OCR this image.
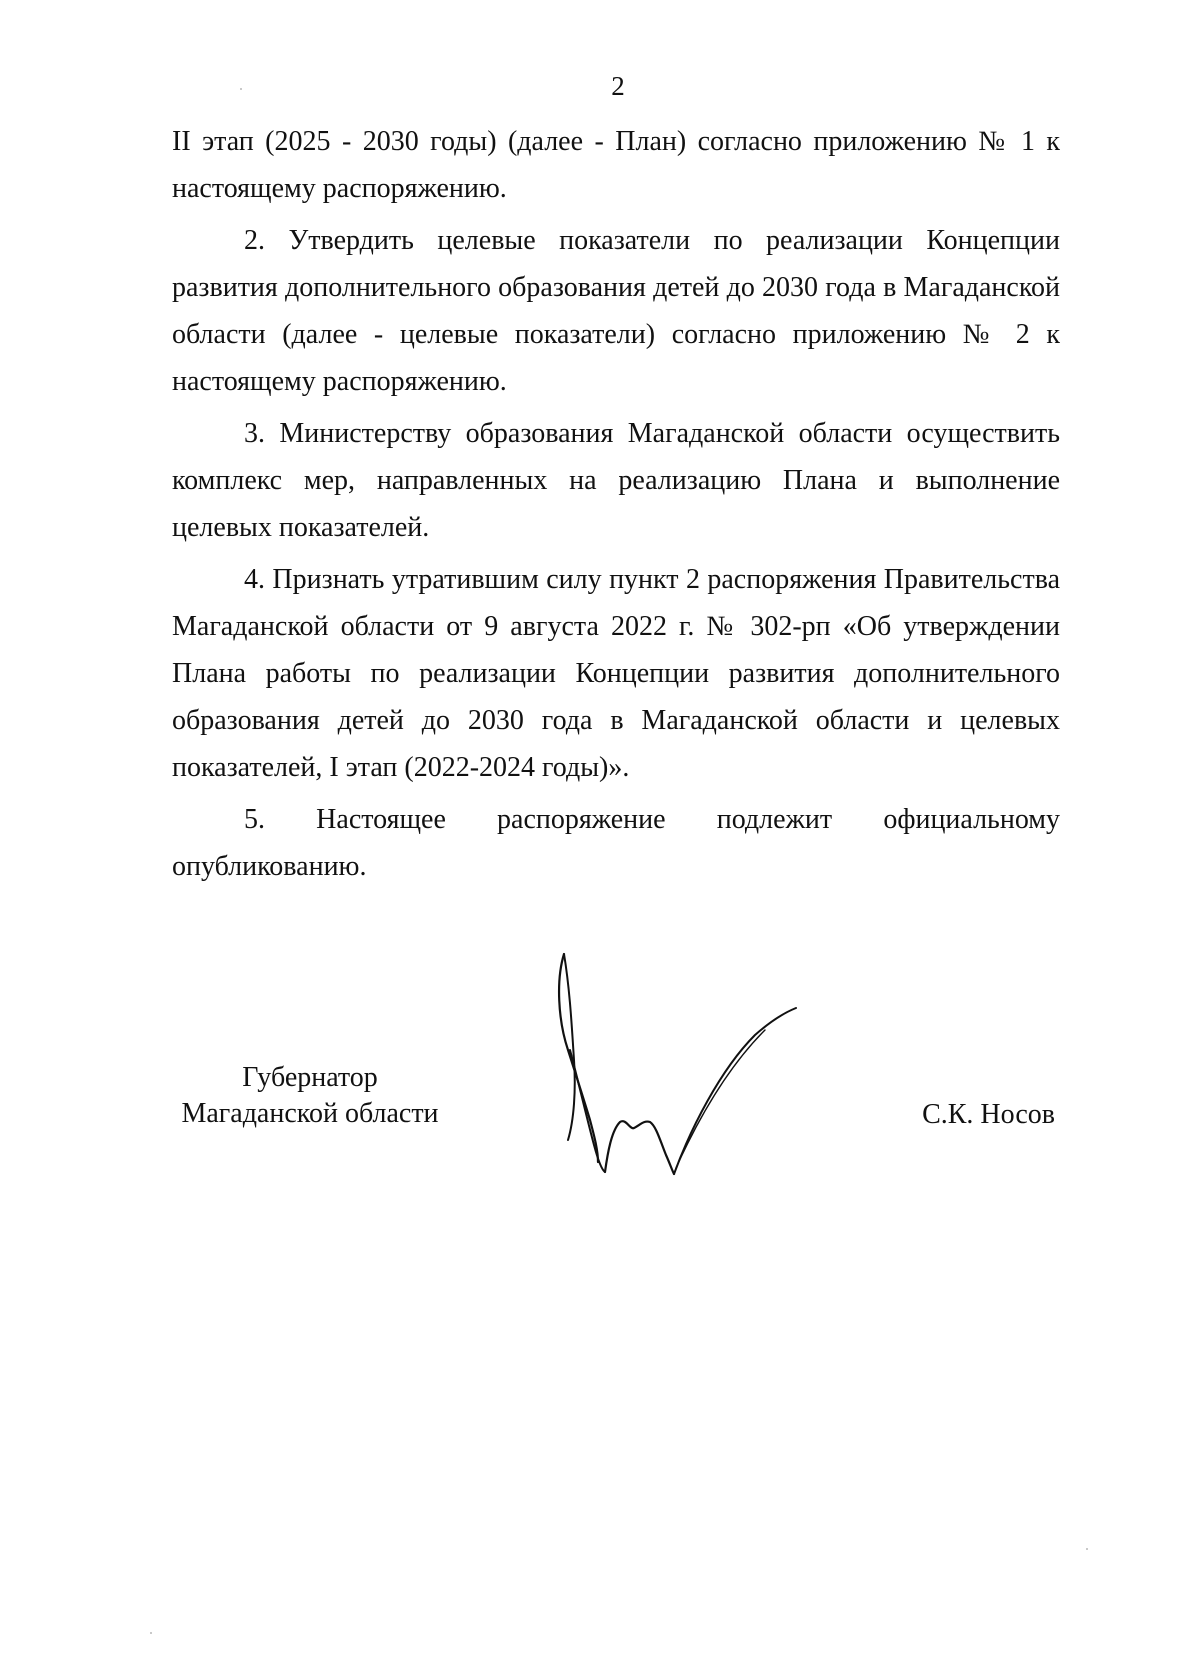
2

II этап (2025 - 2030 годы) (далее - План) согласно приложению № 1 к настоящему распоряжению.

2. Утвердить целевые показатели по реализации Концепции развития дополнительного образования детей до 2030 года в Магаданской области (далее - целевые показатели) согласно приложению № 2 к настоящему распоряжению.

3. Министерству образования Магаданской области осуществить комплекс мер, направленных на реализацию Плана и выполнение целевых показателей.

4. Признать утратившим силу пункт 2 распоряжения Правительства Магаданской области от 9 августа 2022 г. № 302-рп «Об утверждении Плана работы по реализации Концепции развития дополнительного образования детей до 2030 года в Магаданской области и целевых показателей, I этап (2022-2024 годы)».

5. Настоящее распоряжение подлежит официальному опубликованию.

Губернатор
Магаданской области	С.К. Носов
